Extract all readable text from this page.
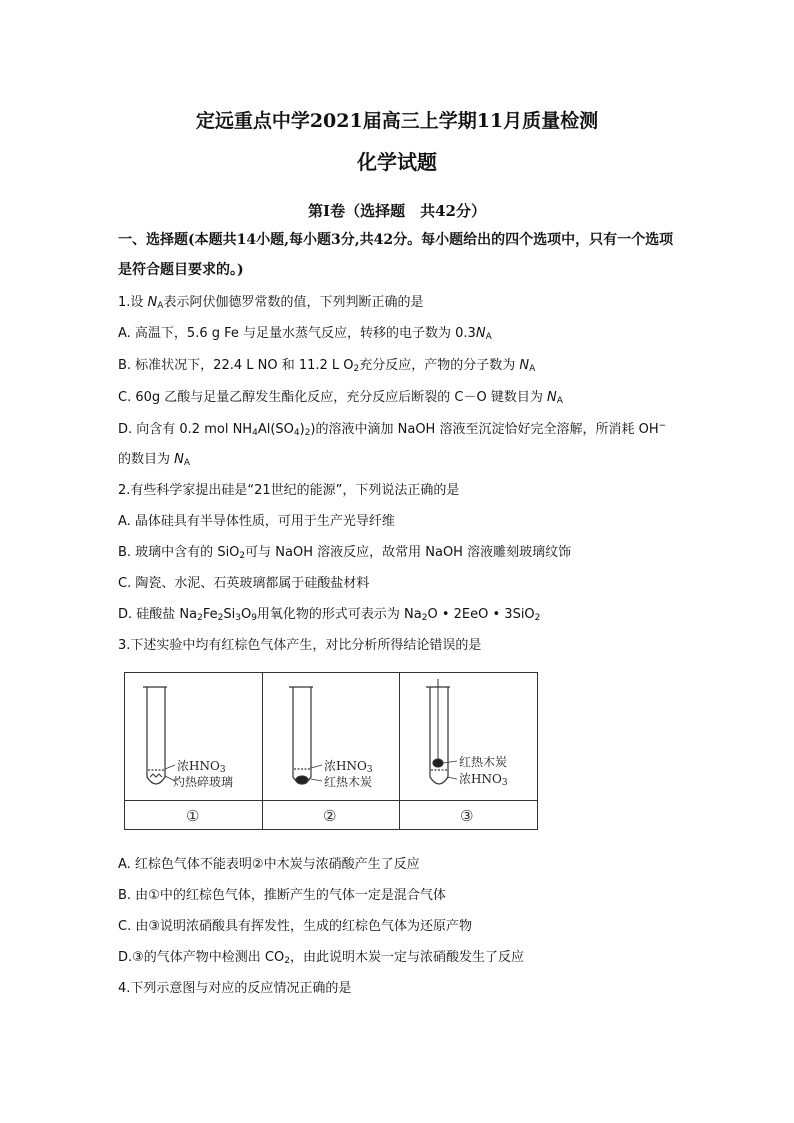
定远重点中学2021届高三上学期11月质量检测
化学试题
第Ⅰ卷（选择题　共42分）
一、选择题(本题共14小题,每小题3分,共42分。每小题给出的四个选项中，只有一个选项
是符合题目要求的。)
1.设 $N_A$表示阿伏伽德罗常数的值，下列判断正确的是
A. 高温下，5.6 g Fe 与足量水蒸气反应，转移的电子数为 $0.3N_A$
B. 标准状况下，22.4 L NO 和 11.2 L $O_2$充分反应，产物的分子数为 $N_A$
C. 60g 乙酸与足量乙醇发生酯化反应，充分反应后断裂的 C－O 键数目为 $N_A$
D. 向含有 0.2 mol $NH_4Al(SO_4)_2$)的溶液中滴加 NaOH 溶液至沉淀恰好完全溶解，所消耗 OH−
的数目为 $N_A$
2.有些科学家提出硅是“21世纪的能源”，下列说法正确的是
A. 晶体硅具有半导体性质，可用于生产光导纤维
B. 玻璃中含有的 SiO$_2$可与 NaOH 溶液反应，故常用 NaOH 溶液雕刻玻璃纹饰
C. 陶瓷、水泥、石英玻璃都属于硅酸盐材料
D. 硅酸盐 $Na_2Fe_2Si_3O_9$用氧化物的形式可表示为 $Na_2O$ • 2EeO • 3SiO$_2$
3.下述实验中均有红棕色气体产生，对比分析所得结论错误的是
浓$HNO_3$
灼热碎玻璃
浓$HNO_3$
红热木炭
红热木炭
浓$HNO_3$
①	②	③
A. 红棕色气体不能表明②中木炭与浓硝酸产生了反应
B. 由①中的红棕色气体，推断产生的气体一定是混合气体
C. 由③说明浓硝酸具有挥发性，生成的红棕色气体为还原产物
D.③的气体产物中检测出 $CO_2$，由此说明木炭一定与浓硝酸发生了反应
4.下列示意图与对应的反应情况正确的是
